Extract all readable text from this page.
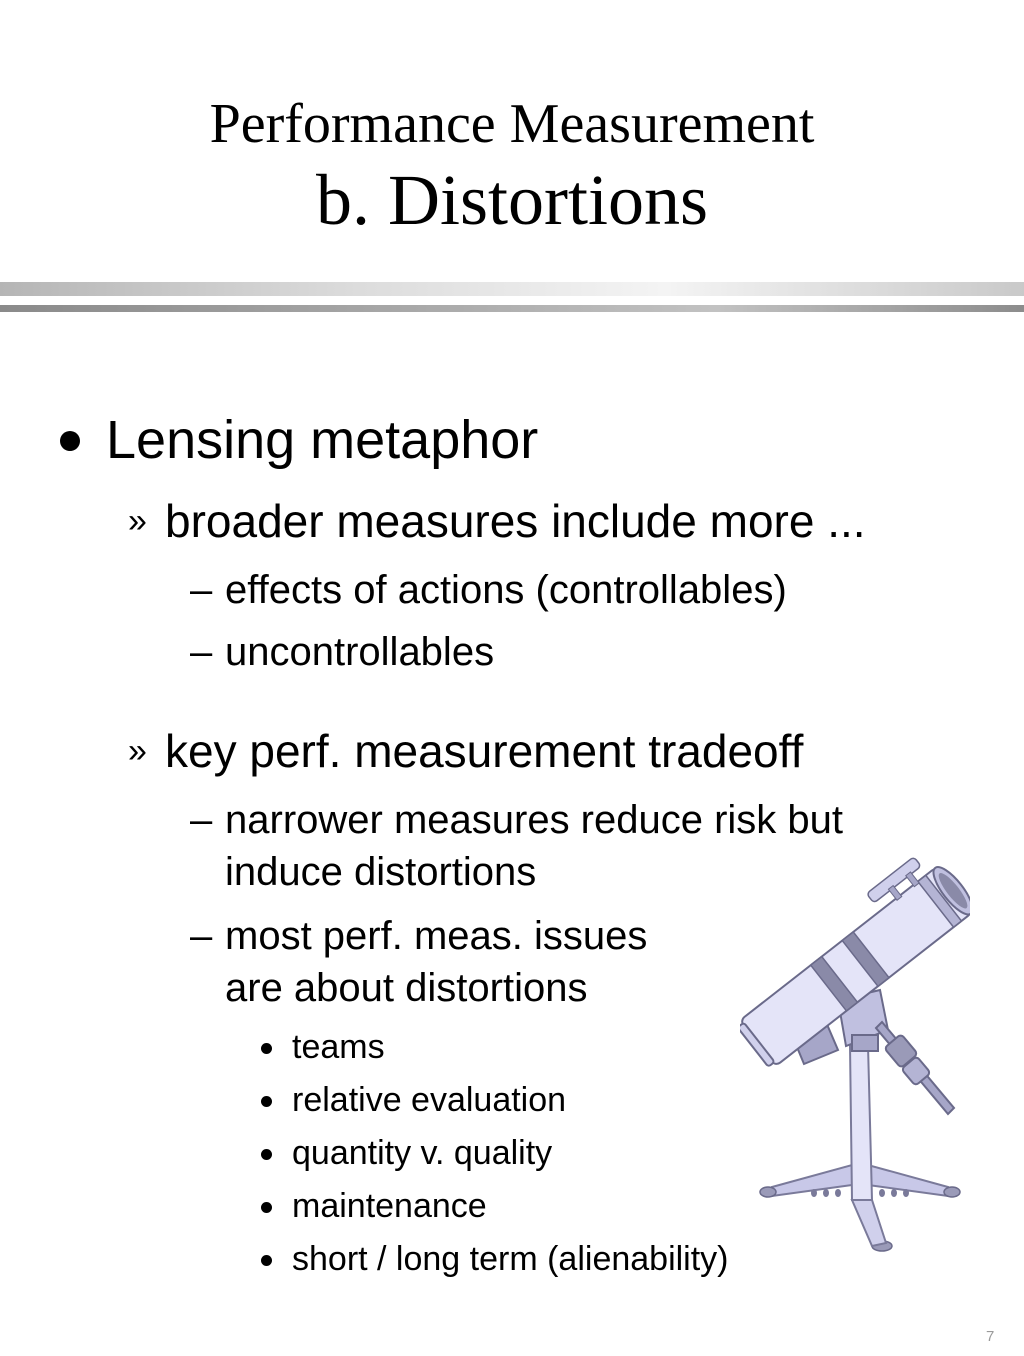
Performance Measurement
b. Distortions
Lensing metaphor
» broader measures include more ...
– effects of actions (controllables)
– uncontrollables
» key perf. measurement tradeoff
– narrower measures reduce risk but
induce distortions
– most perf. meas. issues
are about distortions
teams
relative evaluation
quantity v. quality
maintenance
short / long term (alienability)
7
